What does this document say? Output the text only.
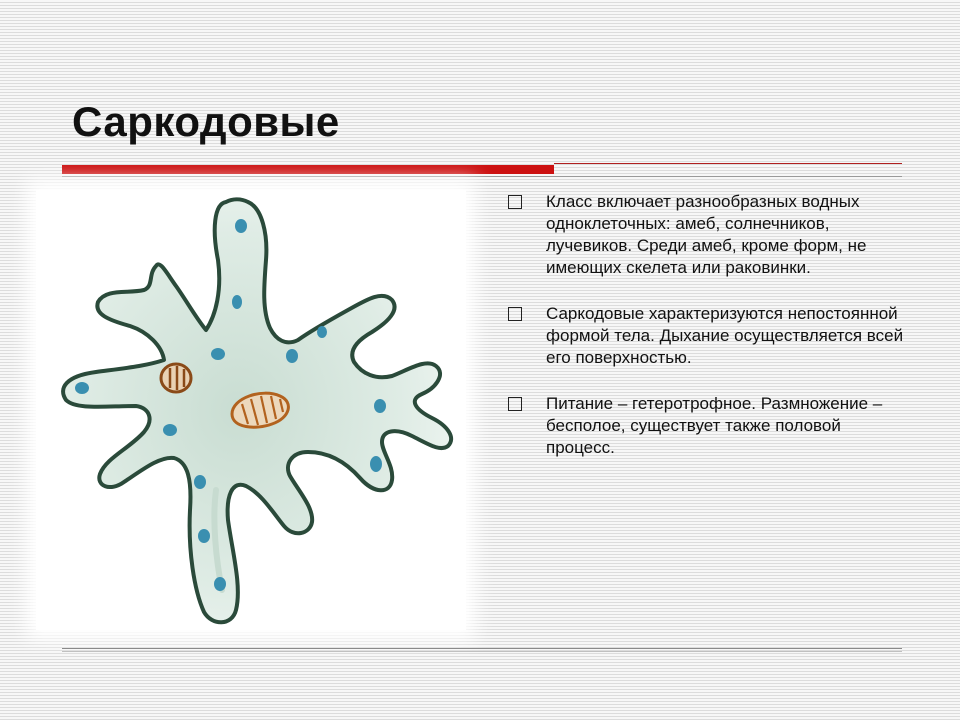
Саркодовые
Класс включает разнообразных водных одноклеточных: амеб, солнечников, лучевиков. Среди амеб, кроме форм, не имеющих скелета или раковинки.
Саркодовые характеризуются непостоянной формой тела. Дыхание осуществляется всей его поверхностью.
Питание – гетеротрофное. Размножение – бесполое, существует также половой процесс.
